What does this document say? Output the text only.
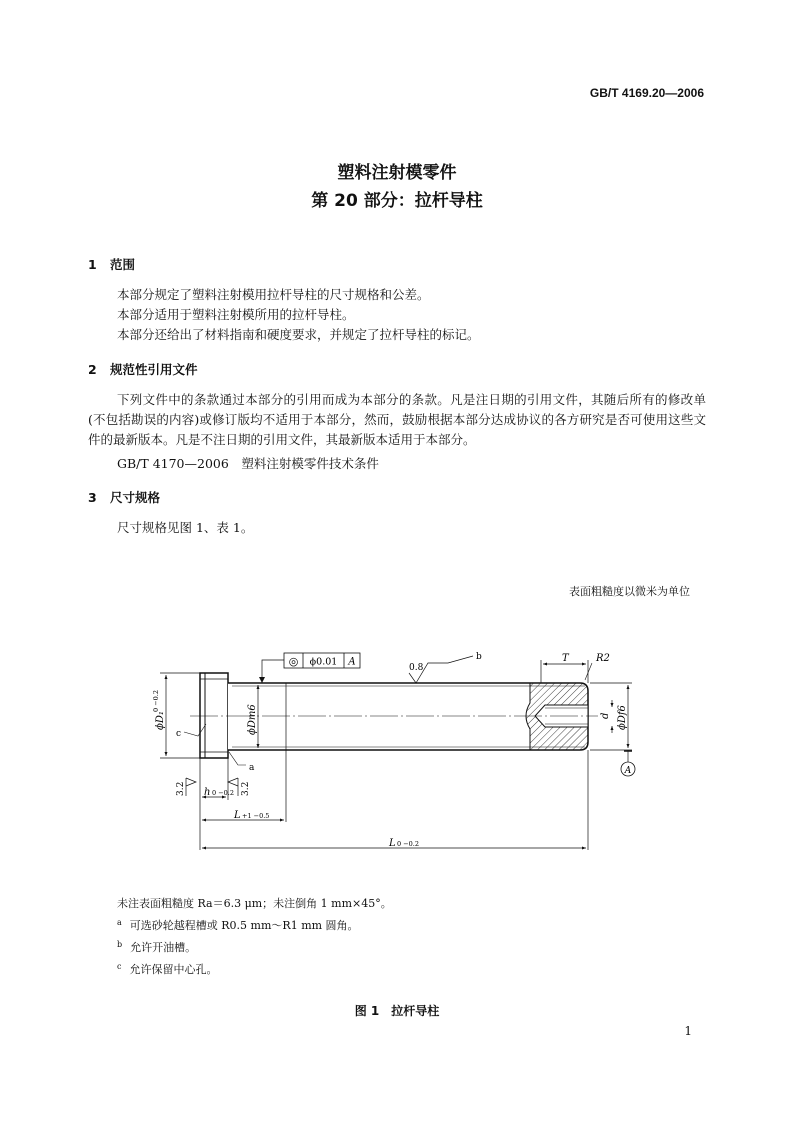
GB/T 4169.20—2006
塑料注射模零件
第 20 部分：拉杆导柱
1 范围
本部分规定了塑料注射模用拉杆导柱的尺寸规格和公差。
本部分适用于塑料注射模所用的拉杆导柱。
本部分还给出了材料指南和硬度要求，并规定了拉杆导柱的标记。
2 规范性引用文件
下列文件中的条款通过本部分的引用而成为本部分的条款。凡是注日期的引用文件，其随后所有的修改单(不包括勘误的内容)或修订版均不适用于本部分，然而，鼓励根据本部分达成协议的各方研究是否可使用这些文件的最新版本。凡是不注日期的引用文件，其最新版本适用于本部分。
GB/T 4170—2006　塑料注射模零件技术条件
3 尺寸规格
尺寸规格见图 1、表 1。
表面粗糙度以微米为单位
◎ ϕ0.01 A
0.8
b
3.2	3.2
a
c
ϕD₁
0 −0.2
ϕDm6	ϕDf6
d
T	R2
h 0 −0.2
L +1 −0.5
L 0 −0.2
A
未注表面粗糙度 Ra＝6.3 μm；未注倒角 1 mm×45°。
$^a$ 可选砂轮越程槽或 R0.5 mm～R1 mm 圆角。
$^b$ 允许开油槽。
$^c$ 允许保留中心孔。
图 1　拉杆导柱
1
